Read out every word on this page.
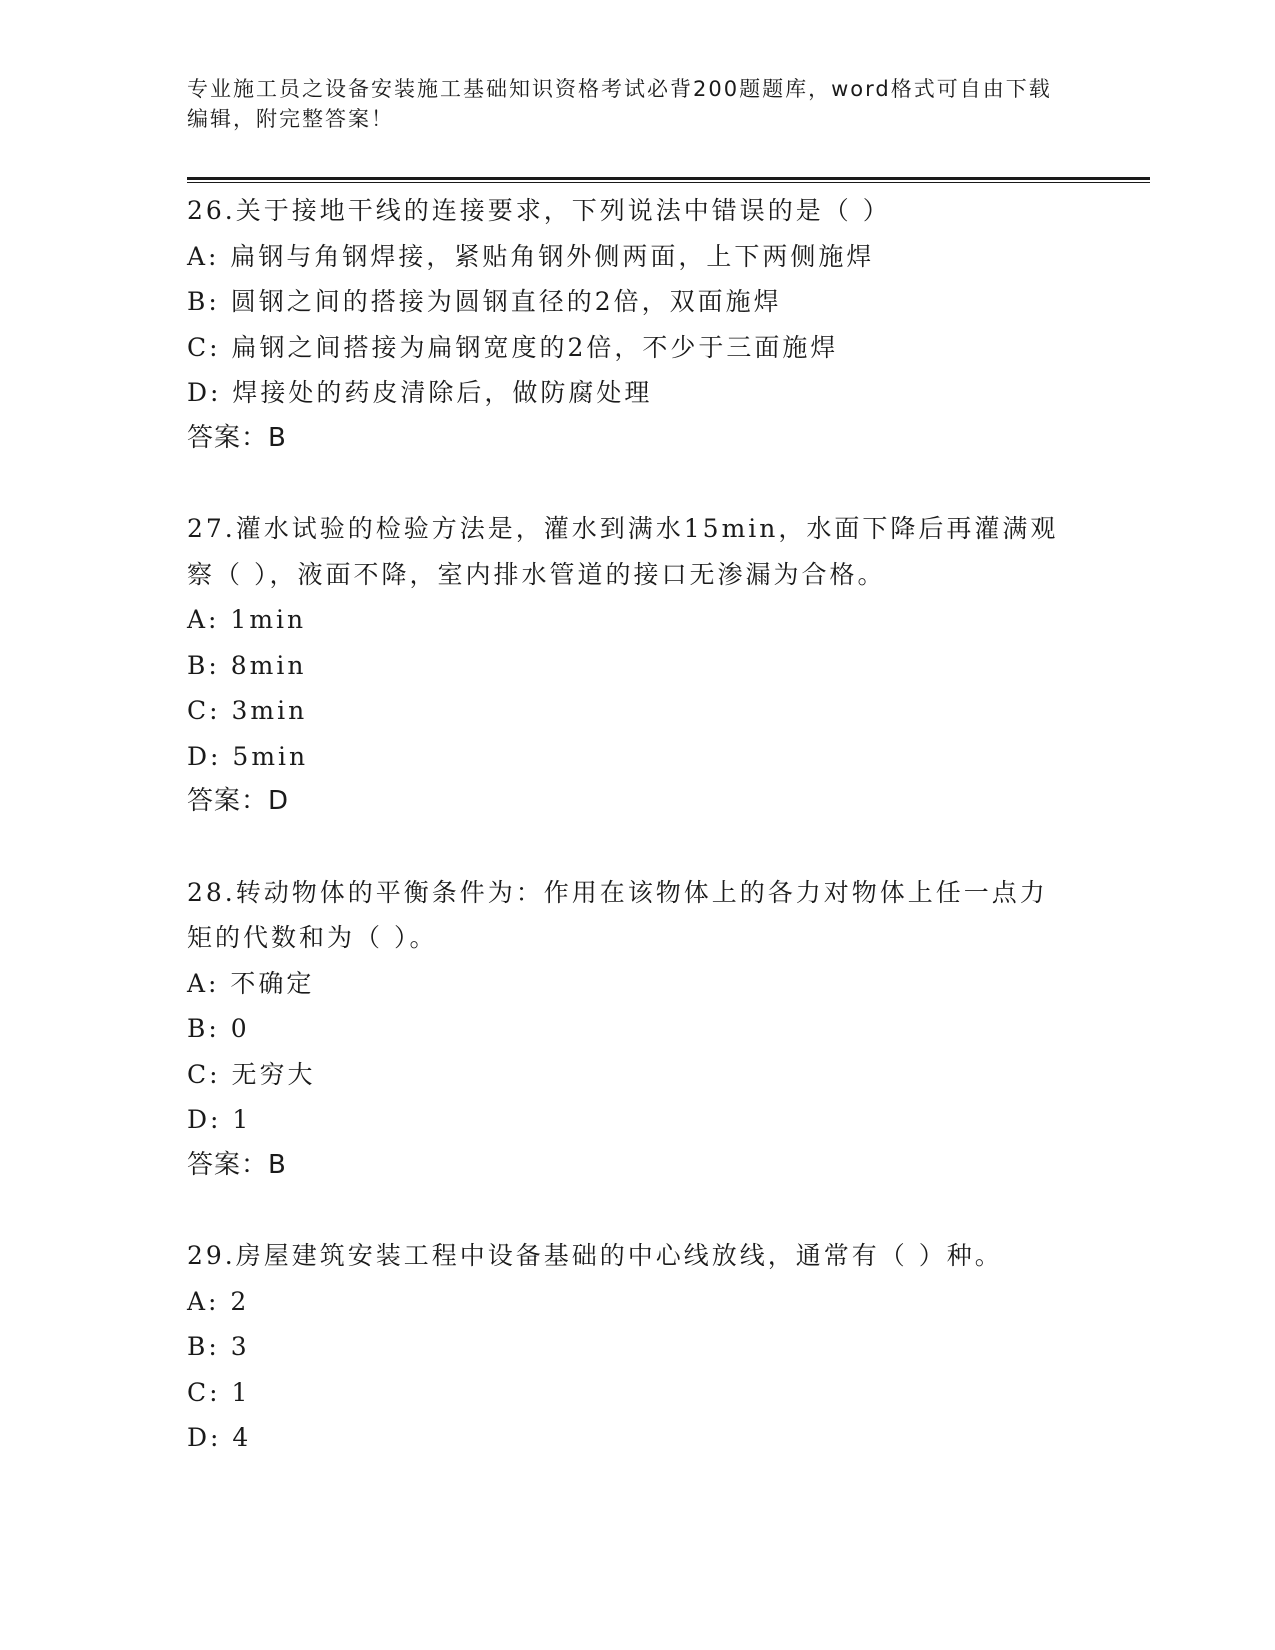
专业施工员之设备安装施工基础知识资格考试必背200题题库，word格式可自由下载编辑，附完整答案！
26.关于接地干线的连接要求，下列说法中错误的是（ ）
A: 扁钢与角钢焊接，紧贴角钢外侧两面，上下两侧施焊
B: 圆钢之间的搭接为圆钢直径的2倍，双面施焊
C: 扁钢之间搭接为扁钢宽度的2倍，不少于三面施焊
D: 焊接处的药皮清除后，做防腐处理
答案：B
27.灌水试验的检验方法是，灌水到满水15min，水面下降后再灌满观察（ ），液面不降，室内排水管道的接口无渗漏为合格。
A: 1min
B: 8min
C: 3min
D: 5min
答案：D
28.转动物体的平衡条件为：作用在该物体上的各力对物体上任一点力矩的代数和为（ ）。
A: 不确定
B: 0
C: 无穷大
D: 1
答案：B
29.房屋建筑安装工程中设备基础的中心线放线，通常有（ ）种。
A: 2
B: 3
C: 1
D: 4
